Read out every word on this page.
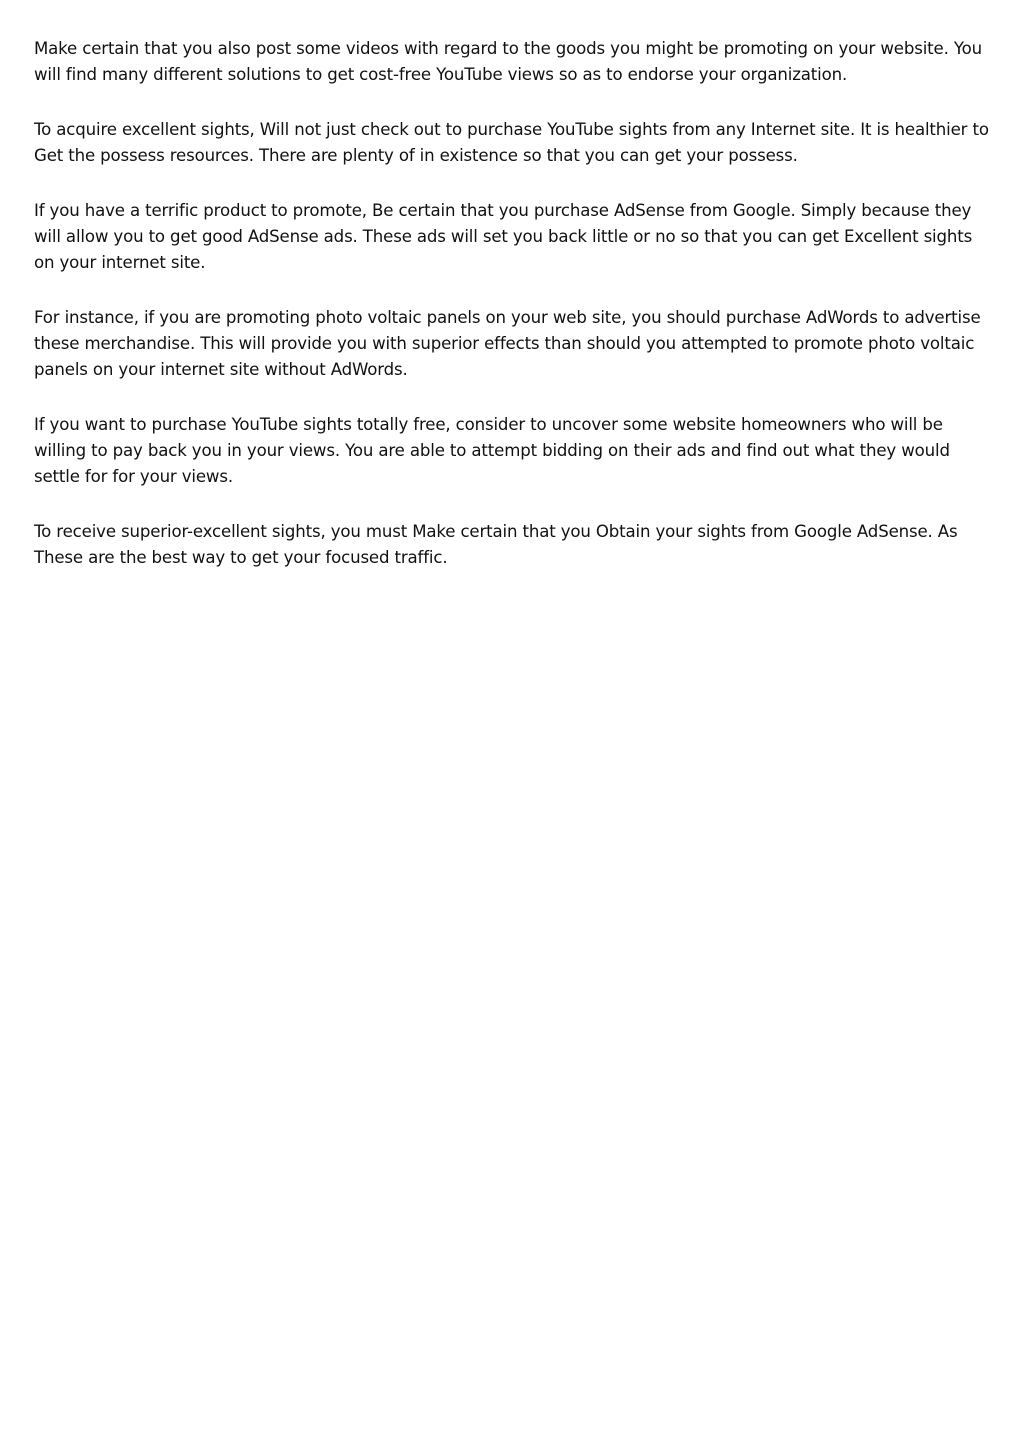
Make certain that you also post some videos with regard to the goods you might be promoting on your website. You will find many different solutions to get cost-free YouTube views so as to endorse your organization.

To acquire excellent sights, Will not just check out to purchase YouTube sights from any Internet site. It is healthier to Get the possess resources. There are plenty of in existence so that you can get your possess.

If you have a terrific product to promote, Be certain that you purchase AdSense from Google. Simply because they will allow you to get good AdSense ads. These ads will set you back little or no so that you can get Excellent sights on your internet site.

For instance, if you are promoting photo voltaic panels on your web site, you should purchase AdWords to advertise these merchandise. This will provide you with superior effects than should you attempted to promote photo voltaic panels on your internet site without AdWords.

If you want to purchase YouTube sights totally free, consider to uncover some website homeowners who will be willing to pay back you in your views. You are able to attempt bidding on their ads and find out what they would settle for for your views.

To receive superior-excellent sights, you must Make certain that you Obtain your sights from Google AdSense. As These are the best way to get your focused traffic.
